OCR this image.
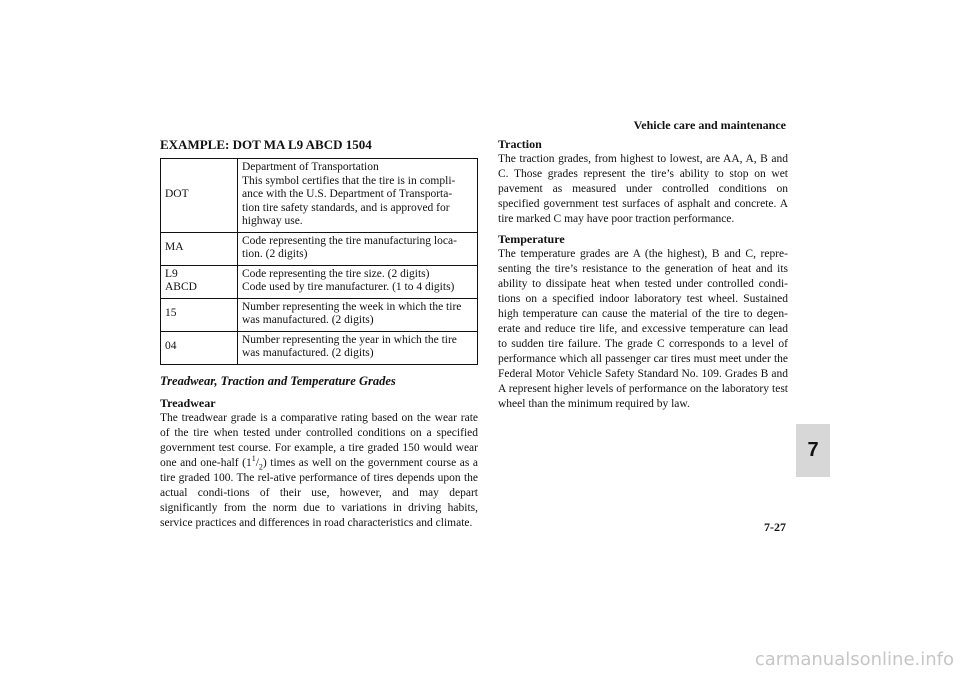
Vehicle care and maintenance

EXAMPLE: DOT MA L9 ABCD 1504

DOT	Department of Transportation
This symbol certifies that the tire is in compli-
ance with the U.S. Department of Transporta-
tion tire safety standards, and is approved for
highway use.
MA	Code representing the tire manufacturing loca-
tion. (2 digits)
L9
ABCD	Code representing the tire size. (2 digits)
Code used by tire manufacturer. (1 to 4 digits)
15	Number representing the week in which the tire
was manufactured. (2 digits)
04	Number representing the year in which the tire
was manufactured. (2 digits)

Treadwear, Traction and Temperature Grades

Treadwear

The treadwear grade is a comparative rating based on the wear rate of the tire when tested under controlled conditions on a specified government test course. For example, a tire graded 150 would wear one and one-half $(1^1/_2)$ times as well on the government course as a tire graded 100. The rel-ative performance of tires depends upon the actual condi-tions of their use, however, and may depart significantly from the norm due to variations in driving habits, service practices and differences in road characteristics and climate.

Traction

The traction grades, from highest to lowest, are AA, A, B and C. Those grades represent the tire’s ability to stop on wet pavement as measured under controlled conditions on specified government test surfaces of asphalt and concrete. A tire marked C may have poor traction performance.

Temperature

The temperature grades are A (the highest), B and C, repre-senting the tire’s resistance to the generation of heat and its ability to dissipate heat when tested under controlled condi-tions on a specified indoor laboratory test wheel. Sustained high temperature can cause the material of the tire to degen-erate and reduce tire life, and excessive temperature can lead to sudden tire failure. The grade C corresponds to a level of performance which all passenger car tires must meet under the Federal Motor Vehicle Safety Standard No. 109. Grades B and A represent higher levels of performance on the laboratory test wheel than the minimum required by law.

7
7-27
carmanualsonline.info
